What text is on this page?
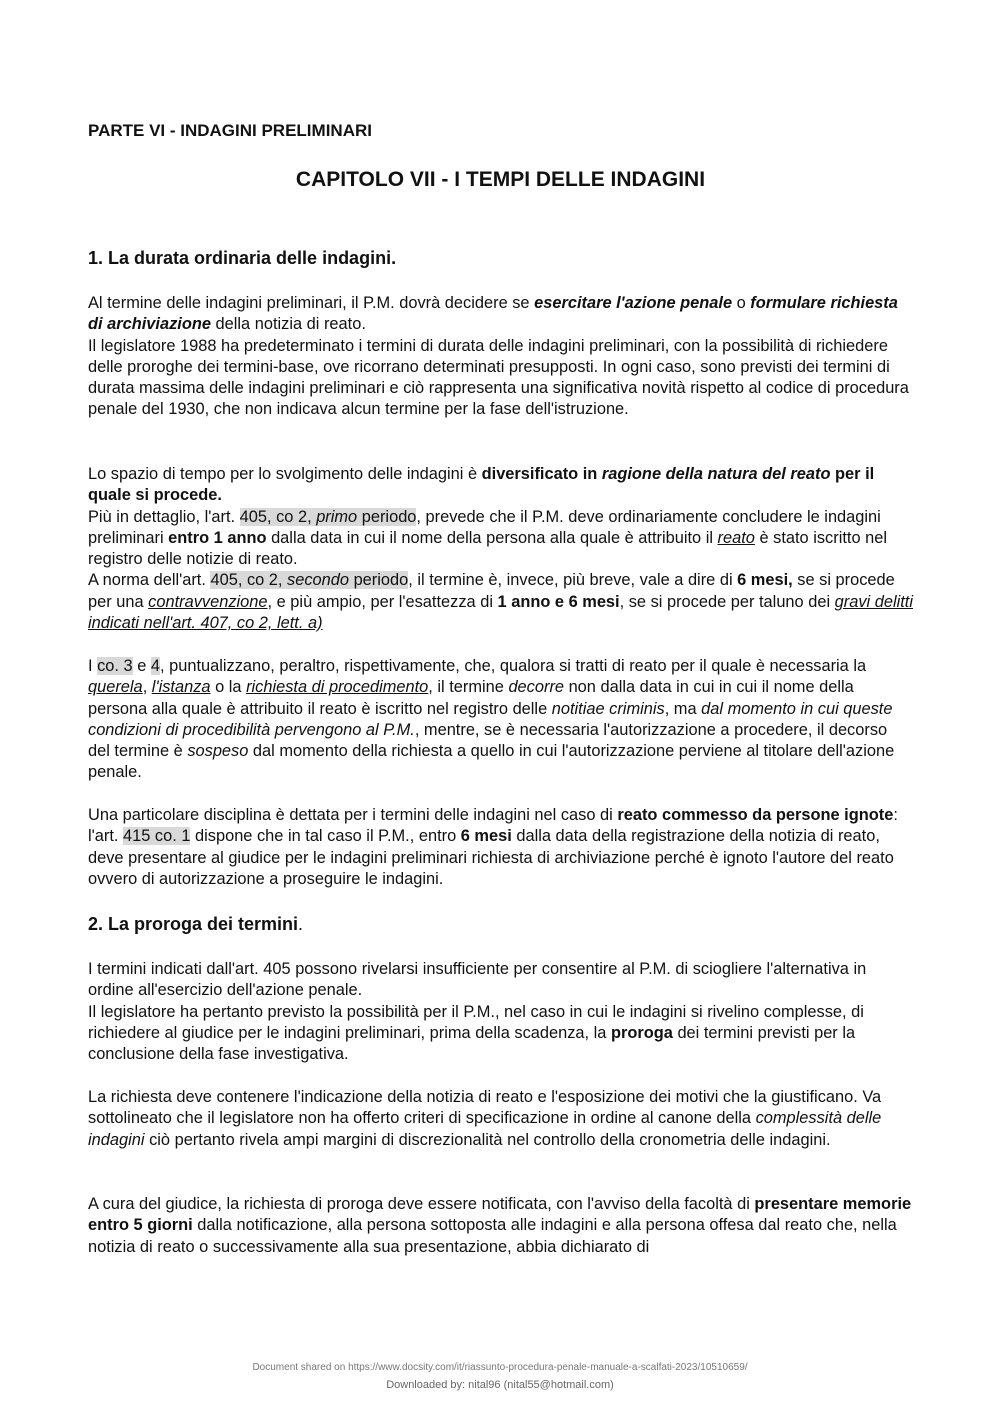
PARTE VI - INDAGINI PRELIMINARI
CAPITOLO VII - I TEMPI DELLE INDAGINI
1. La durata ordinaria delle indagini.

Al termine delle indagini preliminari, il P.M. dovrà decidere se esercitare l'azione penale o formulare richiesta di archiviazione della notizia di reato.
Il legislatore 1988 ha predeterminato i termini di durata delle indagini preliminari, con la possibilità di richiedere delle proroghe dei termini-base, ove ricorrano determinati presupposti. In ogni caso, sono previsti dei termini di durata massima delle indagini preliminari e ciò rappresenta una significativa novità rispetto al codice di procedura penale del 1930, che non indicava alcun termine per la fase dell'istruzione.

Lo spazio di tempo per lo svolgimento delle indagini è diversificato in ragione della natura del reato per il quale si procede.
Più in dettaglio, l'art. 405, co 2, primo periodo, prevede che il P.M. deve ordinariamente concludere le indagini preliminari entro 1 anno dalla data in cui il nome della persona alla quale è attribuito il reato è stato iscritto nel registro delle notizie di reato.
A norma dell'art. 405, co 2, secondo periodo, il termine è, invece, più breve, vale a dire di 6 mesi, se si procede per una contravvenzione, e più ampio, per l'esattezza di 1 anno e 6 mesi, se si procede per taluno dei gravi delitti indicati nell'art. 407, co 2, lett. a)

I co. 3 e 4, puntualizzano, peraltro, rispettivamente, che, qualora si tratti di reato per il quale è necessaria la querela, l'istanza o la richiesta di procedimento, il termine decorre non dalla data in cui in cui il nome della persona alla quale è attribuito il reato è iscritto nel registro delle notitiae criminis, ma dal momento in cui queste condizioni di procedibilità pervengono al P.M., mentre, se è necessaria l'autorizzazione a procedere, il decorso del termine è sospeso dal momento della richiesta a quello in cui l'autorizzazione perviene al titolare dell'azione penale.

Una particolare disciplina è dettata per i termini delle indagini nel caso di reato commesso da persone ignote: l'art. 415 co. 1 dispone che in tal caso il P.M., entro 6 mesi dalla data della registrazione della notizia di reato, deve presentare al giudice per le indagini preliminari richiesta di archiviazione perché è ignoto l'autore del reato ovvero di autorizzazione a proseguire le indagini.

2. La proroga dei termini.

I termini indicati dall'art. 405 possono rivelarsi insufficiente per consentire al P.M. di sciogliere l'alternativa in ordine all'esercizio dell'azione penale.
Il legislatore ha pertanto previsto la possibilità per il P.M., nel caso in cui le indagini si rivelino complesse, di richiedere al giudice per le indagini preliminari, prima della scadenza, la proroga dei termini previsti per la conclusione della fase investigativa.

La richiesta deve contenere l'indicazione della notizia di reato e l'esposizione dei motivi che la giustificano. Va sottolineato che il legislatore non ha offerto criteri di specificazione in ordine al canone della complessità delle indagini ciò pertanto rivela ampi margini di discrezionalità nel controllo della cronometria delle indagini.

A cura del giudice, la richiesta di proroga deve essere notificata, con l'avviso della facoltà di presentare memorie entro 5 giorni dalla notificazione, alla persona sottoposta alle indagini e alla persona offesa dal reato che, nella notizia di reato o successivamente alla sua presentazione, abbia dichiarato di

Document shared on https://www.docsity.com/it/riassunto-procedura-penale-manuale-a-scalfati-2023/10510659/
Downloaded by: nital96 (nital55@hotmail.com)
